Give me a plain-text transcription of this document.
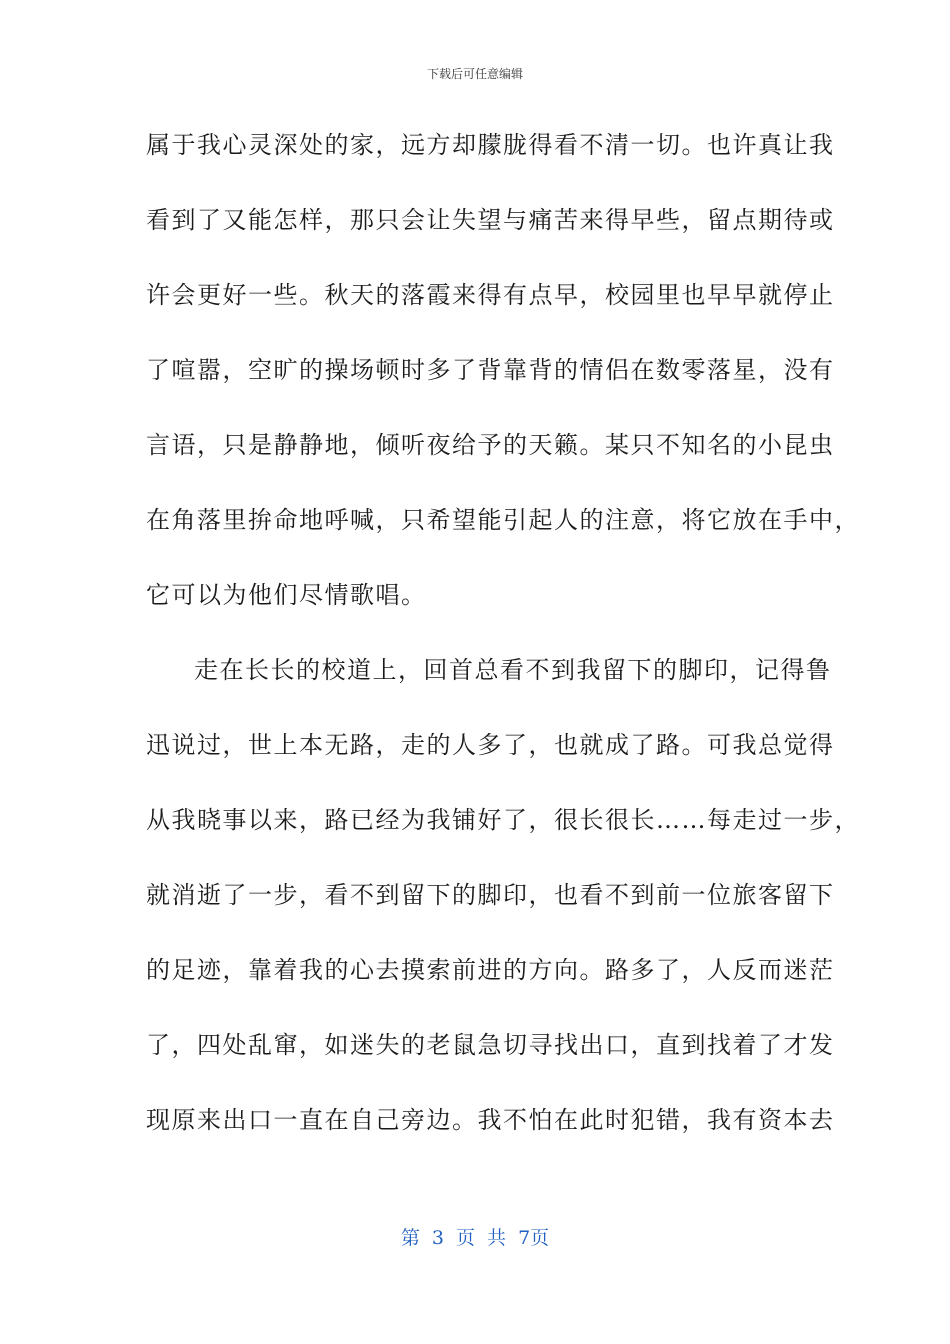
下载后可任意编辑
属于我心灵深处的家，远方却朦胧得看不清一切。也许真让我
看到了又能怎样，那只会让失望与痛苦来得早些，留点期待或
许会更好一些。秋天的落霞来得有点早，校园里也早早就停止
了喧嚣，空旷的操场顿时多了背靠背的情侣在数零落星，没有
言语，只是静静地，倾听夜给予的天籁。某只不知名的小昆虫
在角落里拚命地呼喊，只希望能引起人的注意，将它放在手中，
它可以为他们尽情歌唱。
走在长长的校道上，回首总看不到我留下的脚印，记得鲁
迅说过，世上本无路，走的人多了，也就成了路。可我总觉得
从我晓事以来，路已经为我铺好了，很长很长……每走过一步，
就消逝了一步，看不到留下的脚印，也看不到前一位旅客留下
的足迹，靠着我的心去摸索前进的方向。路多了，人反而迷茫
了，四处乱窜，如迷失的老鼠急切寻找出口，直到找着了才发
现原来出口一直在自己旁边。我不怕在此时犯错，我有资本去
第 3 页 共 7页
